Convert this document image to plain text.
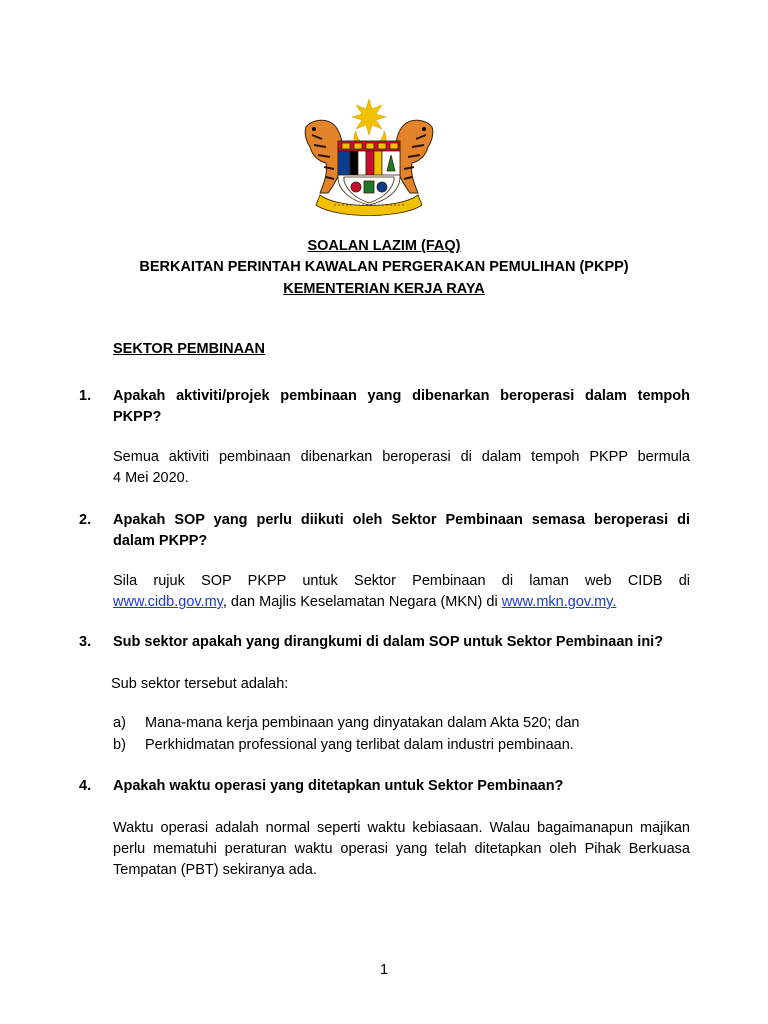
SOALAN LAZIM (FAQ)
BERKAITAN PERINTAH KAWALAN PERGERAKAN PEMULIHAN (PKPP)
KEMENTERIAN KERJA RAYA
SEKTOR PEMBINAAN
1. Apakah aktiviti/projek pembinaan yang dibenarkan beroperasi dalam tempoh
PKPP?
Semua aktiviti pembinaan dibenarkan beroperasi di dalam tempoh PKPP bermula
4 Mei 2020.
2. Apakah SOP yang perlu diikuti oleh Sektor Pembinaan semasa beroperasi di
dalam PKPP?
Sila rujuk SOP PKPP untuk Sektor Pembinaan di laman web CIDB di
www.cidb.gov.my, dan Majlis Keselamatan Negara (MKN) di www.mkn.gov.my.
3. Sub sektor apakah yang dirangkumi di dalam SOP untuk Sektor Pembinaan ini?
Sub sektor tersebut adalah:
a) Mana-mana kerja pembinaan yang dinyatakan dalam Akta 520; dan
b) Perkhidmatan professional yang terlibat dalam industri pembinaan.
4. Apakah waktu operasi yang ditetapkan untuk Sektor Pembinaan?
Waktu operasi adalah normal seperti waktu kebiasaan. Walau bagaimanapun majikan
perlu mematuhi peraturan waktu operasi yang telah ditetapkan oleh Pihak Berkuasa
Tempatan (PBT) sekiranya ada.
1
